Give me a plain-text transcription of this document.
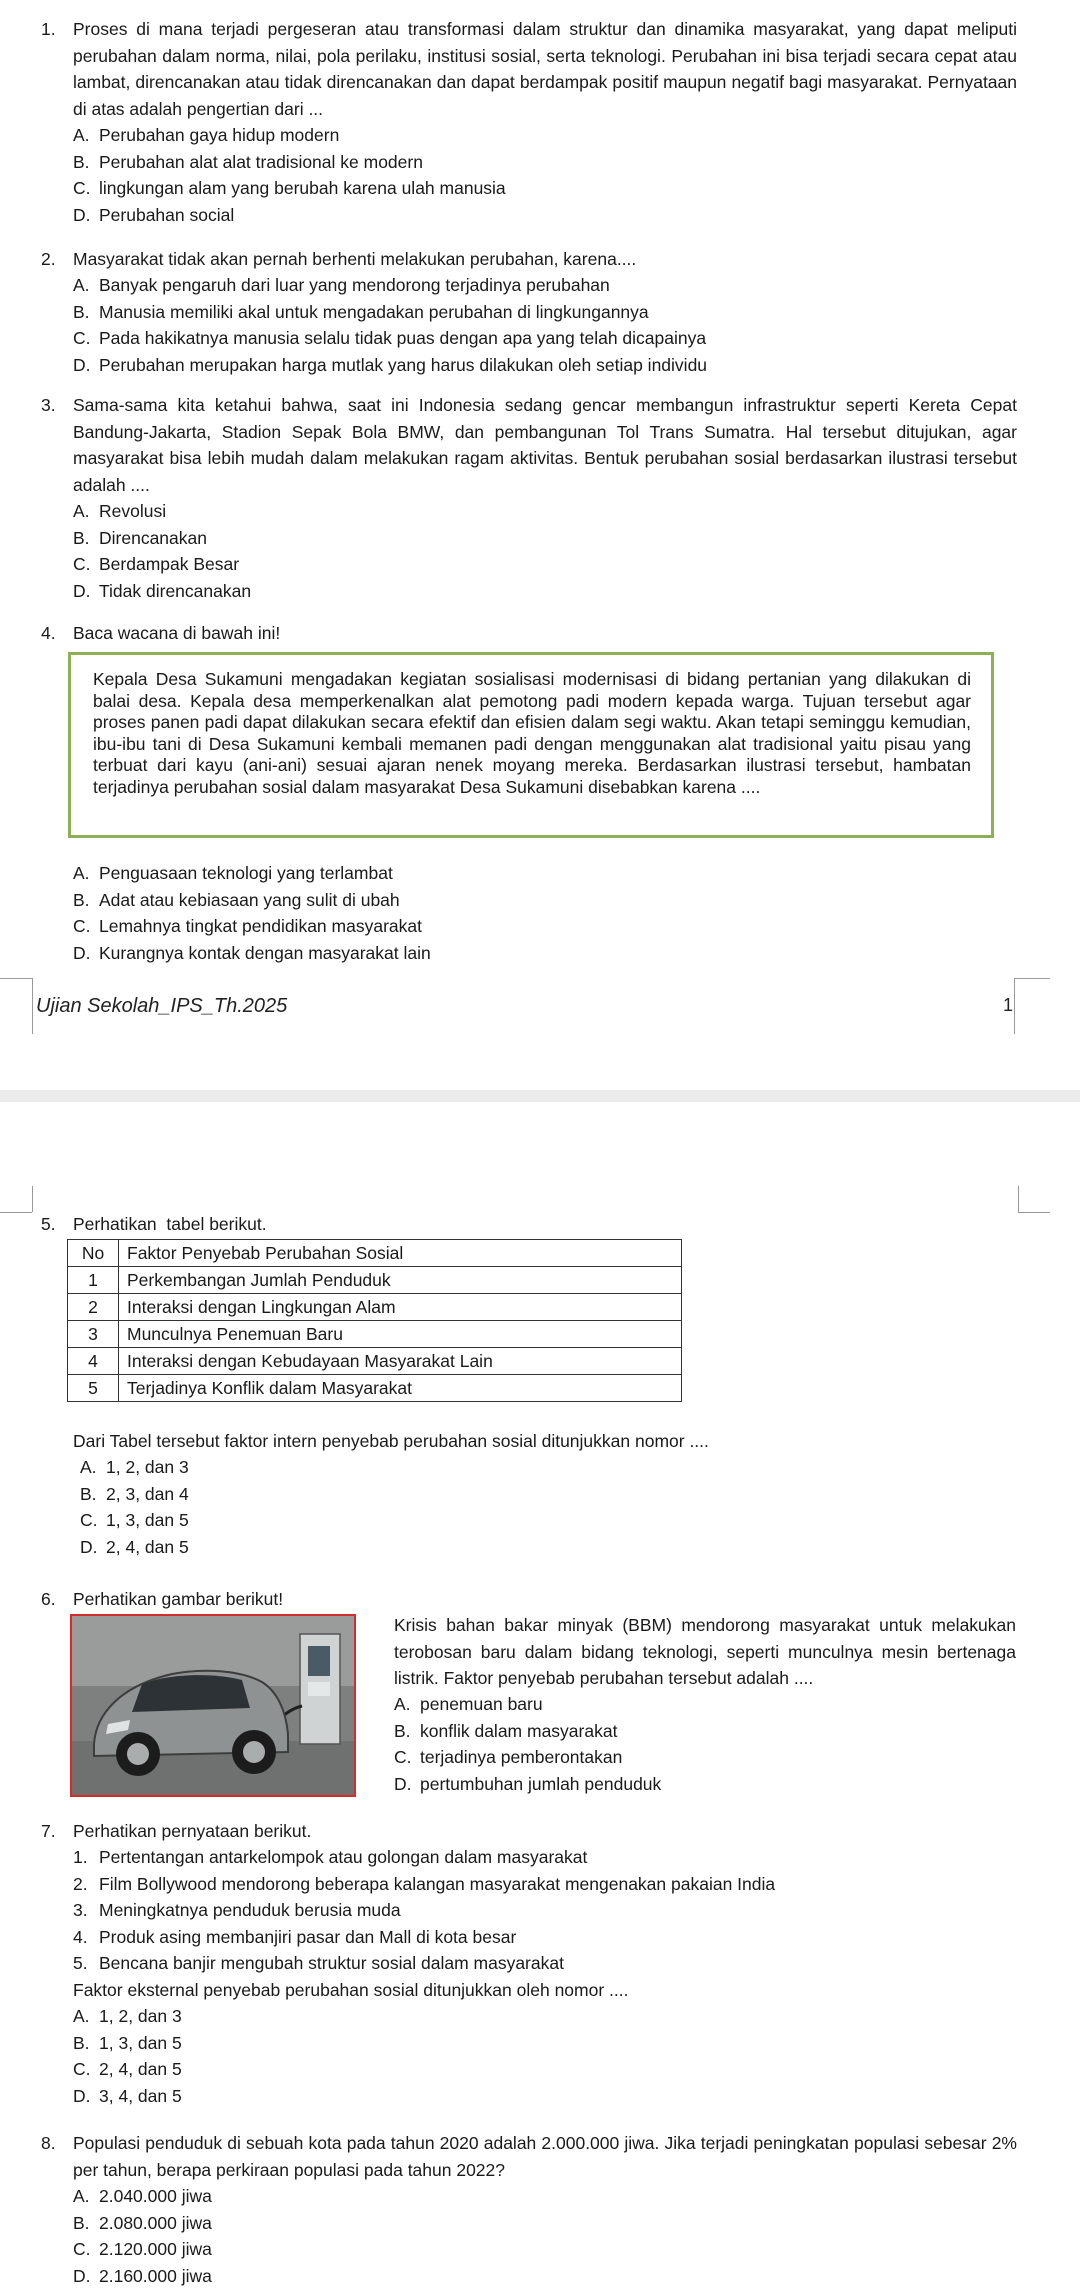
1. Proses di mana terjadi pergeseran atau transformasi dalam struktur dan dinamika masyarakat, yang dapat meliputi perubahan dalam norma, nilai, pola perilaku, institusi sosial, serta teknologi. Perubahan ini bisa terjadi secara cepat atau lambat, direncanakan atau tidak direncanakan dan dapat berdampak positif maupun negatif bagi masyarakat. Pernyataan di atas adalah pengertian dari ...
A. Perubahan gaya hidup modern
B. Perubahan alat alat tradisional ke modern
C. lingkungan alam yang berubah karena ulah manusia
D. Perubahan social
2. Masyarakat tidak akan pernah berhenti melakukan perubahan, karena....
A. Banyak pengaruh dari luar yang mendorong terjadinya perubahan
B. Manusia memiliki akal untuk mengadakan perubahan di lingkungannya
C. Pada hakikatnya manusia selalu tidak puas dengan apa yang telah dicapainya
D. Perubahan merupakan harga mutlak yang harus dilakukan oleh setiap individu
3. Sama-sama kita ketahui bahwa, saat ini Indonesia sedang gencar membangun infrastruktur seperti Kereta Cepat Bandung-Jakarta, Stadion Sepak Bola BMW, dan pembangunan Tol Trans Sumatra. Hal tersebut ditujukan, agar masyarakat bisa lebih mudah dalam melakukan ragam aktivitas. Bentuk perubahan sosial berdasarkan ilustrasi tersebut adalah ....
A. Revolusi
B. Direncanakan
C. Berdampak Besar
D. Tidak direncanakan
4. Baca wacana di bawah ini!
Kepala Desa Sukamuni mengadakan kegiatan sosialisasi modernisasi di bidang pertanian yang dilakukan di balai desa. Kepala desa memperkenalkan alat pemotong padi modern kepada warga. Tujuan tersebut agar proses panen padi dapat dilakukan secara efektif dan efisien dalam segi waktu. Akan tetapi seminggu kemudian, ibu-ibu tani di Desa Sukamuni kembali memanen padi dengan menggunakan alat tradisional yaitu pisau yang terbuat dari kayu (ani-ani) sesuai ajaran nenek moyang mereka. Berdasarkan ilustrasi tersebut, hambatan terjadinya perubahan sosial dalam masyarakat Desa Sukamuni disebabkan karena ....
A. Penguasaan teknologi yang terlambat
B. Adat atau kebiasaan yang sulit di ubah
C. Lemahnya tingkat pendidikan masyarakat
D. Kurangnya kontak dengan masyarakat lain
Ujian Sekolah_IPS_Th.2025	1
5. Perhatikan  tabel berikut.
No	Faktor Penyebab Perubahan Sosial
1	Perkembangan Jumlah Penduduk
2	Interaksi dengan Lingkungan Alam
3	Munculnya Penemuan Baru
4	Interaksi dengan Kebudayaan Masyarakat Lain
5	Terjadinya Konflik dalam Masyarakat
Dari Tabel tersebut faktor intern penyebab perubahan sosial ditunjukkan nomor ....
A. 1, 2, dan 3
B. 2, 3, dan 4
C. 1, 3, dan 5
D. 2, 4, dan 5
6. Perhatikan gambar berikut!
Krisis bahan bakar minyak (BBM) mendorong masyarakat untuk melakukan terobosan baru dalam bidang teknologi, seperti munculnya mesin bertenaga listrik. Faktor penyebab perubahan tersebut adalah ....
A. penemuan baru
B. konflik dalam masyarakat
C. terjadinya pemberontakan
D. pertumbuhan jumlah penduduk
7. Perhatikan pernyataan berikut.
1. Pertentangan antarkelompok atau golongan dalam masyarakat
2. Film Bollywood mendorong beberapa kalangan masyarakat mengenakan pakaian India
3. Meningkatnya penduduk berusia muda
4. Produk asing membanjiri pasar dan Mall di kota besar
5. Bencana banjir mengubah struktur sosial dalam masyarakat
Faktor eksternal penyebab perubahan sosial ditunjukkan oleh nomor ....
A. 1, 2, dan 3
B. 1, 3, dan 5
C. 2, 4, dan 5
D. 3, 4, dan 5
8. Populasi penduduk di sebuah kota pada tahun 2020 adalah 2.000.000 jiwa. Jika terjadi peningkatan populasi sebesar 2% per tahun, berapa perkiraan populasi pada tahun 2022?
A. 2.040.000 jiwa
B. 2.080.000 jiwa
C. 2.120.000 jiwa
D. 2.160.000 jiwa
